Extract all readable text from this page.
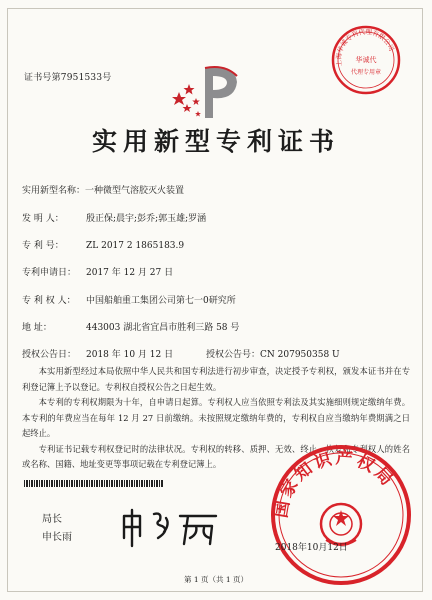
证书号第7951533号
上海华诚专利代理有限公司
华诚代
代理专用章
实用新型专利证书
实用新型名称：一种微型气溶胶灭火装置
发 明 人： 殷正保;晨宇;彭乔;郭玉雄;罗涵
专 利 号： ZL 2017 2 1865183.9
专利申请日： 2017 年 12 月 27 日
专 利 权 人： 中国船舶重工集团公司第七一0研究所
地 址：	443003 湖北省宜昌市胜利三路 58 号
授权公告日： 2018 年 10 月 12 日	授权公告号：CN 207950358 U
本实用新型经过本局依照中华人民共和国专利法进行初步审查，决定授予专利权，颁发本证书并在专利登记簿上予以登记。专利权自授权公告之日起生效。
本专利的专利权期限为十年，自申请日起算。专利权人应当依照专利法及其实施细则规定缴纳年费。本专利的年费应当在每年 12 月 27 日前缴纳。未按照规定缴纳年费的，专利权自应当缴纳年费期满之日起终止。
专利证书记载专利权登记时的法律状况。专利权的转移、质押、无效、终止、恢复和专利权人的姓名或名称、国籍、地址变更等事项记载在专利登记簿上。
局长
申长雨
申长雨
国家知识产权局
2018年10月12日
第 1 页（共 1 页）
